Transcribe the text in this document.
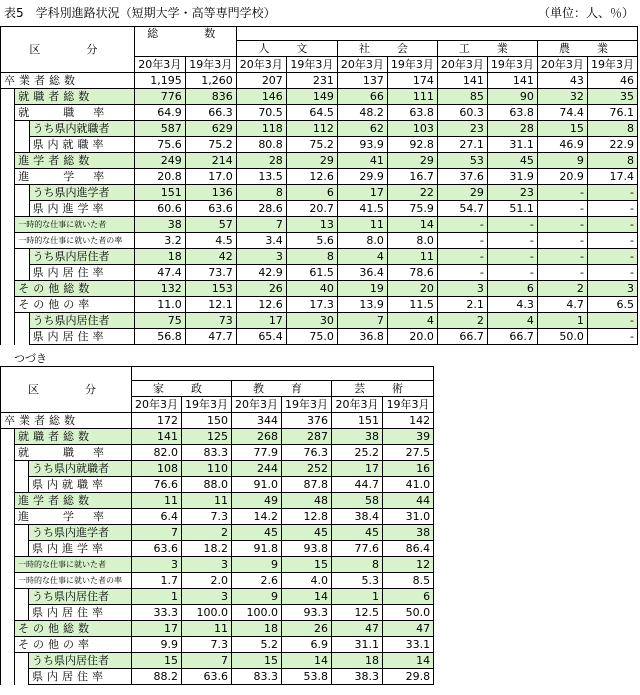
表5　学科別進路状況（短期大学・高等専門学校）	（単位：人、％）
区　　分			総　　数									
					人　文		社　会		工　業		農　業	
			20年3月	19年3月	20年3月	19年3月	20年3月	19年3月	20年3月	19年3月	20年3月	19年3月
卒業者総数			1,195	1,260	207	231	137	174	141	141	43	46
	就職者総数		776	836	146	149	66	111	85	90	32	35
	就　　職　率		64.9	66.3	70.5	64.5	48.2	63.8	60.3	63.8	74.4	76.1
		うち県内就職者	587	629	118	112	62	103	23	28	15	8
		県内就職率	75.6	75.2	80.8	75.2	93.9	92.8	27.1	31.1	46.9	22.9
	進学者総数		249	214	28	29	41	29	53	45	9	8
	進　　学　率		20.8	17.0	13.5	12.6	29.9	16.7	37.6	31.9	20.9	17.4
		うち県内進学者	151	136	8	6	17	22	29	23	-	-
		県内進学率	60.6	63.6	28.6	20.7	41.5	75.9	54.7	51.1	-	-
	一時的な仕事に就いた者		38	57	7	13	11	14	-	-	-	-
	一時的な仕事に就いた者の率		3.2	4.5	3.4	5.6	8.0	8.0	-	-	-	-
		うち県内居住者	18	42	3	8	4	11	-	-	-	-
		県内居住率	47.4	73.7	42.9	61.5	36.4	78.6	-	-	-	-
	その他総数		132	153	26	40	19	20	3	6	2	3
	その他の率		11.0	12.1	12.6	17.3	13.9	11.5	2.1	4.3	4.7	6.5
		うち県内居住者	75	73	17	30	7	4	2	4	1	-
		県内居住率	56.8	47.7	65.4	75.0	36.8	20.0	66.7	66.7	50.0	-
つづき
区　　分								
			家　政		教　育		芸　術	
			20年3月	19年3月	20年3月	19年3月	20年3月	19年3月
卒業者総数			172	150	344	376	151	142
	就職者総数		141	125	268	287	38	39
	就　　職　率		82.0	83.3	77.9	76.3	25.2	27.5
		うち県内就職者	108	110	244	252	17	16
		県内就職率	76.6	88.0	91.0	87.8	44.7	41.0
	進学者総数		11	11	49	48	58	44
	進　　学　率		6.4	7.3	14.2	12.8	38.4	31.0
		うち県内進学者	7	2	45	45	45	38
		県内進学率	63.6	18.2	91.8	93.8	77.6	86.4
	一時的な仕事に就いた者		3	3	9	15	8	12
	一時的な仕事に就いた者の率		1.7	2.0	2.6	4.0	5.3	8.5
		うち県内居住者	1	3	9	14	1	6
		県内居住率	33.3	100.0	100.0	93.3	12.5	50.0
	その他総数		17	11	18	26	47	47
	その他の率		9.9	7.3	5.2	6.9	31.1	33.1
		うち県内居住者	15	7	15	14	18	14
		県内居住率	88.2	63.6	83.3	53.8	38.3	29.8
